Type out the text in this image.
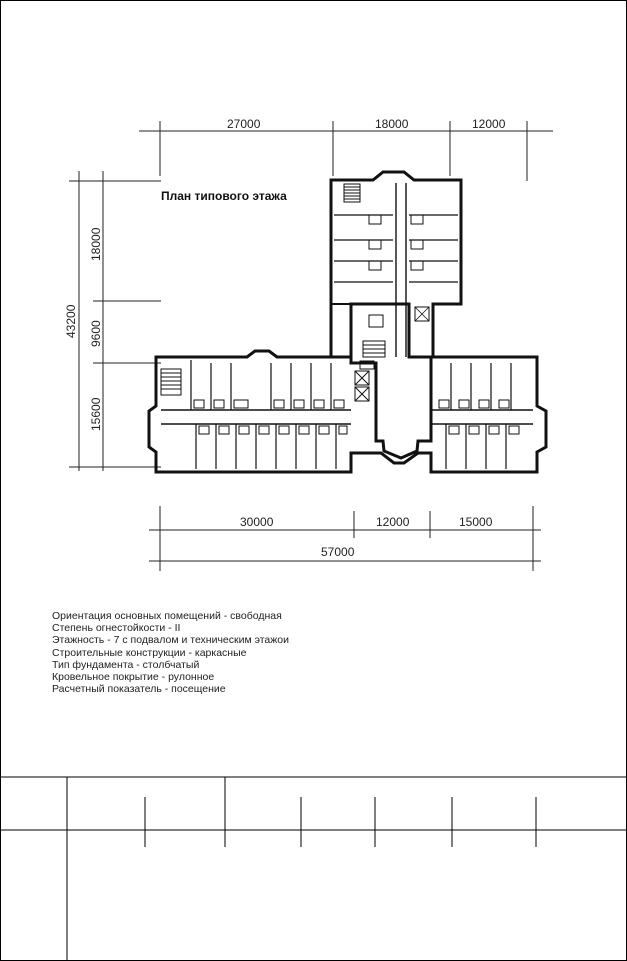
27000	18000	12000
43200
18000
9600
15600
30000	12000	15000
57000
План типового этажа
Ориентация основных помещений - свободная
Степень огнестойкости - II
Этажность - 7 с подвалом и техническим этажои
Строительные конструкции - каркасные
Тип фундамента - столбчатый
Кровельное покрытие - рулонное
Расчетный показатель - посещение
